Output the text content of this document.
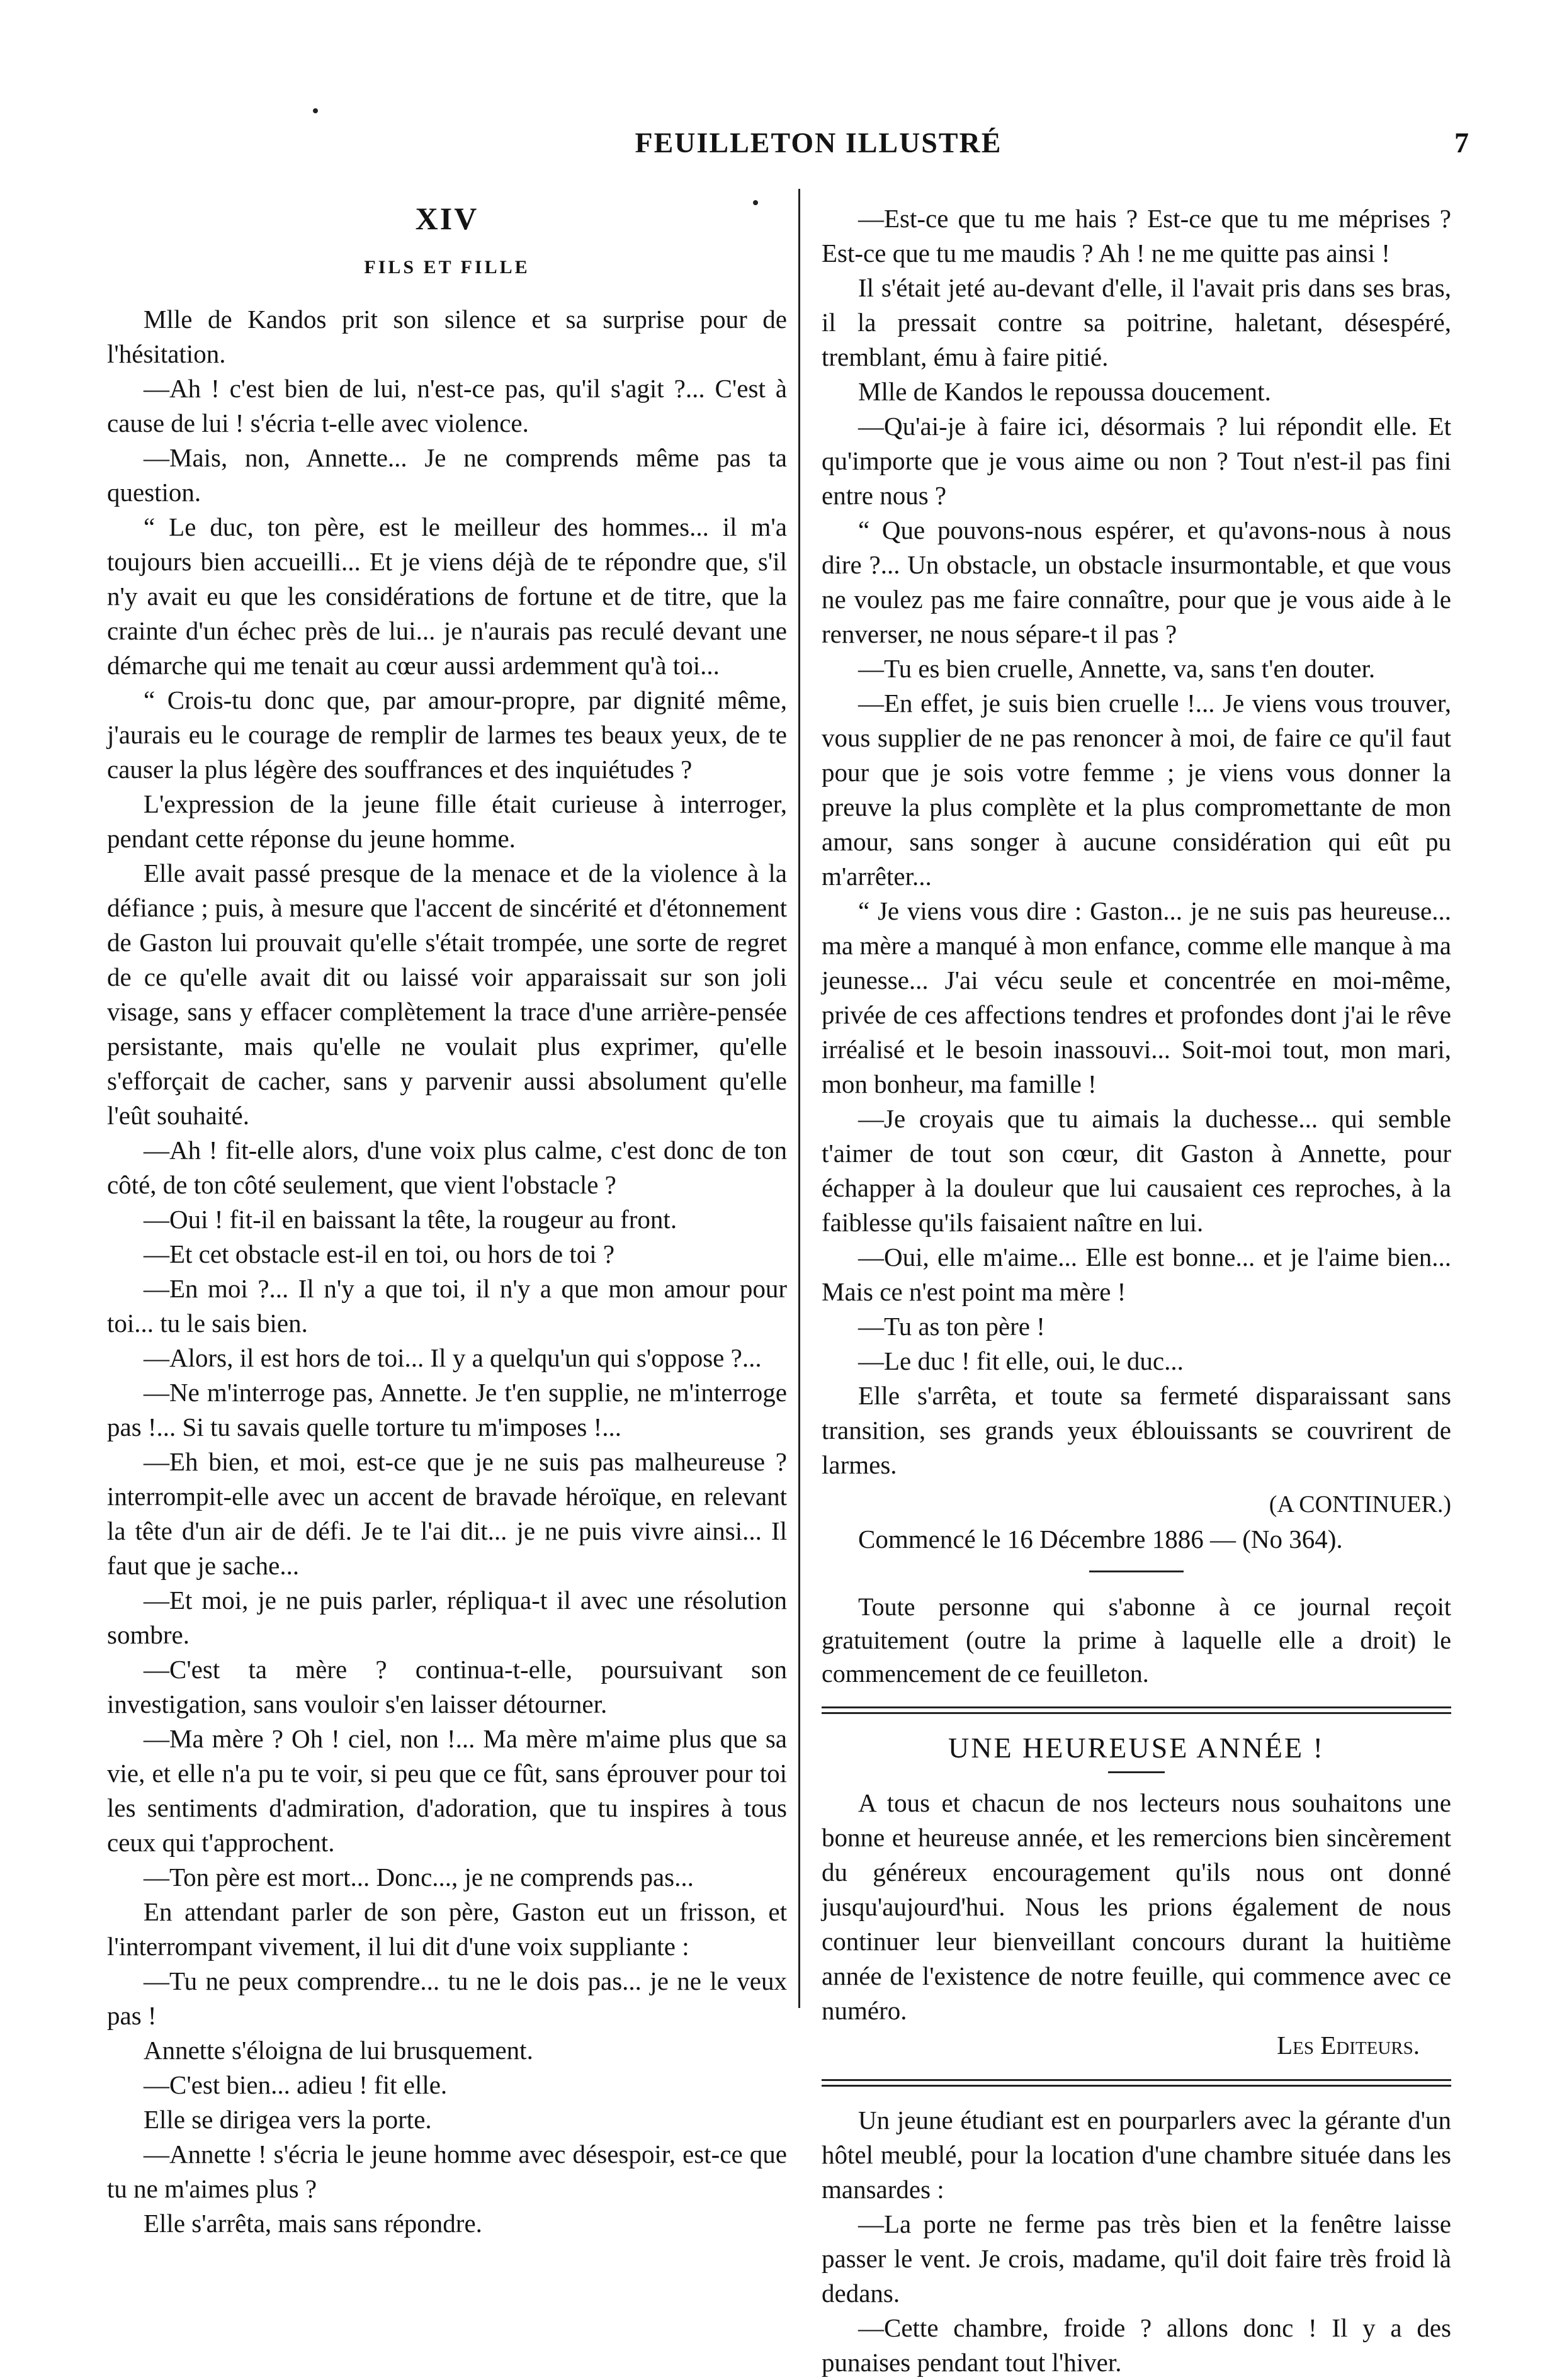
FEUILLETON ILLUSTRÉ	7
XIV
FILS ET FILLE

Mlle de Kandos prit son silence et sa surprise pour de l'hésitation.

—Ah ! c'est bien de lui, n'est-ce pas, qu'il s'agit ?... C'est à cause de lui ! s'écria t-elle avec violence.

—Mais, non, Annette... Je ne comprends même pas ta question.

“ Le duc, ton père, est le meilleur des hommes... il m'a toujours bien accueilli... Et je viens déjà de te répondre que, s'il n'y avait eu que les considérations de fortune et de titre, que la crainte d'un échec près de lui... je n'aurais pas reculé devant une démarche qui me tenait au cœur aussi ardemment qu'à toi...

“ Crois-tu donc que, par amour-propre, par dignité même, j'aurais eu le courage de remplir de larmes tes beaux yeux, de te causer la plus légère des souffrances et des inquiétudes ?

L'expression de la jeune fille était curieuse à interroger, pendant cette réponse du jeune homme.

Elle avait passé presque de la menace et de la violence à la défiance ; puis, à mesure que l'accent de sincérité et d'étonnement de Gaston lui prouvait qu'elle s'était trompée, une sorte de regret de ce qu'elle avait dit ou laissé voir apparaissait sur son joli visage, sans y effacer complètement la trace d'une arrière-pensée persistante, mais qu'elle ne voulait plus exprimer, qu'elle s'efforçait de cacher, sans y parvenir aussi absolument qu'elle l'eût souhaité.

—Ah ! fit-elle alors, d'une voix plus calme, c'est donc de ton côté, de ton côté seulement, que vient l'obstacle ?

—Oui ! fit-il en baissant la tête, la rougeur au front.

—Et cet obstacle est-il en toi, ou hors de toi ?

—En moi ?... Il n'y a que toi, il n'y a que mon amour pour toi... tu le sais bien.

—Alors, il est hors de toi... Il y a quelqu'un qui s'oppose ?...

—Ne m'interroge pas, Annette. Je t'en supplie, ne m'interroge pas !... Si tu savais quelle torture tu m'imposes !...

—Eh bien, et moi, est-ce que je ne suis pas malheureuse ? interrompit-elle avec un accent de bravade héroïque, en relevant la tête d'un air de défi. Je te l'ai dit... je ne puis vivre ainsi... Il faut que je sache...

—Et moi, je ne puis parler, répliqua-t il avec une résolution sombre.

—C'est ta mère ? continua-t-elle, poursuivant son investigation, sans vouloir s'en laisser détourner.

—Ma mère ? Oh ! ciel, non !... Ma mère m'aime plus que sa vie, et elle n'a pu te voir, si peu que ce fût, sans éprouver pour toi les sentiments d'admiration, d'adoration, que tu inspires à tous ceux qui t'approchent.

—Ton père est mort... Donc..., je ne comprends pas...

En attendant parler de son père, Gaston eut un frisson, et l'interrompant vivement, il lui dit d'une voix suppliante :

—Tu ne peux comprendre... tu ne le dois pas... je ne le veux pas !

Annette s'éloigna de lui brusquement.

—C'est bien... adieu ! fit elle.

Elle se dirigea vers la porte.

—Annette ! s'écria le jeune homme avec désespoir, est-ce que tu ne m'aimes plus ?

Elle s'arrêta, mais sans répondre.

—Est-ce que tu me hais ? Est-ce que tu me méprises ? Est-ce que tu me maudis ? Ah ! ne me quitte pas ainsi !

Il s'était jeté au-devant d'elle, il l'avait pris dans ses bras, il la pressait contre sa poitrine, haletant, désespéré, tremblant, ému à faire pitié.

Mlle de Kandos le repoussa doucement.

—Qu'ai-je à faire ici, désormais ? lui répondit elle. Et qu'importe que je vous aime ou non ? Tout n'est-il pas fini entre nous ?

“ Que pouvons-nous espérer, et qu'avons-nous à nous dire ?... Un obstacle, un obstacle insurmontable, et que vous ne voulez pas me faire connaître, pour que je vous aide à le renverser, ne nous sépare-t il pas ?

—Tu es bien cruelle, Annette, va, sans t'en douter.

—En effet, je suis bien cruelle !... Je viens vous trouver, vous supplier de ne pas renoncer à moi, de faire ce qu'il faut pour que je sois votre femme ; je viens vous donner la preuve la plus complète et la plus compromettante de mon amour, sans songer à aucune considération qui eût pu m'arrêter...

“ Je viens vous dire : Gaston... je ne suis pas heureuse... ma mère a manqué à mon enfance, comme elle manque à ma jeunesse... J'ai vécu seule et concentrée en moi-même, privée de ces affections tendres et profondes dont j'ai le rêve irréalisé et le besoin inassouvi... Soit-moi tout, mon mari, mon bonheur, ma famille !

—Je croyais que tu aimais la duchesse... qui semble t'aimer de tout son cœur, dit Gaston à Annette, pour échapper à la douleur que lui causaient ces reproches, à la faiblesse qu'ils faisaient naître en lui.

—Oui, elle m'aime... Elle est bonne... et je l'aime bien... Mais ce n'est point ma mère !

—Tu as ton père !

—Le duc ! fit elle, oui, le duc...

Elle s'arrêta, et toute sa fermeté disparaissant sans transition, ses grands yeux éblouissants se couvrirent de larmes.

(A CONTINUER.)

Commencé le 16 Décembre 1886 — (No 364).

Toute personne qui s'abonne à ce journal reçoit gratuitement (outre la prime à laquelle elle a droit) le commencement de ce feuilleton.

UNE HEUREUSE ANNÉE !

A tous et chacun de nos lecteurs nous souhaitons une bonne et heureuse année, et les remercions bien sincèrement du généreux encouragement qu'ils nous ont donné jusqu'aujourd'hui. Nous les prions également de nous continuer leur bienveillant concours durant la huitième année de l'existence de notre feuille, qui commence avec ce numéro.

Les Editeurs.

Un jeune étudiant est en pourparlers avec la gérante d'un hôtel meublé, pour la location d'une chambre située dans les mansardes :

—La porte ne ferme pas très bien et la fenêtre laisse passer le vent. Je crois, madame, qu'il doit faire très froid là dedans.

—Cette chambre, froide ? allons donc ! Il y a des punaises pendant tout l'hiver.
